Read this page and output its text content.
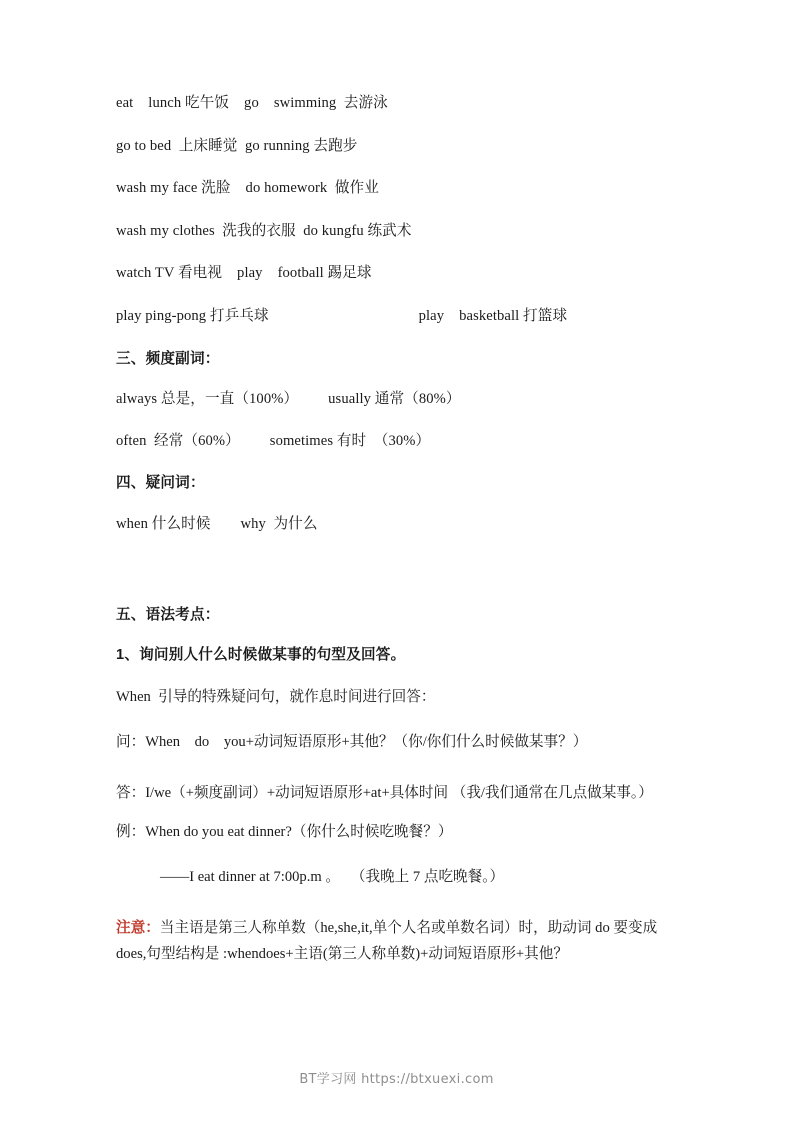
eat    lunch 吃午饭    go    swimming  去游泳

go to bed  上床睡觉  go running 去跑步

wash my face 洗脸    do homework  做作业

wash my clothes  洗我的衣服  do kungfu 练武术

watch TV 看电视    play    football 踢足球

play ping-pong 打乒乓球                                        play    basketball 打篮球

三、频度副词：

always 总是，一直（100%）        usually 通常（80%）

often  经常（60%）        sometimes 有时  （30%）

四、疑问词：

when 什么时候        why  为什么

五、语法考点：
1、询问别人什么时候做某事的句型及回答。

When  引导的特殊疑问句，就作息时间进行回答：

问：When    do    you+动词短语原形+其他？（你/你们什么时候做某事？）

答：I/we（+频度副词）+动词短语原形+at+具体时间 （我/我们通常在几点做某事。）

例：When do you eat dinner?（你什么时候吃晚餐？）

——I eat dinner at 7:00p.m 。   （我晚上 7 点吃晚餐。）

注意：当主语是第三人称单数（he,she,it,单个人名或单数名词）时，助动词 do 要变成 does,句型结构是 :whendoes+主语(第三人称单数)+动词短语原形+其他？

BT学习网 https://btxuexi.com
